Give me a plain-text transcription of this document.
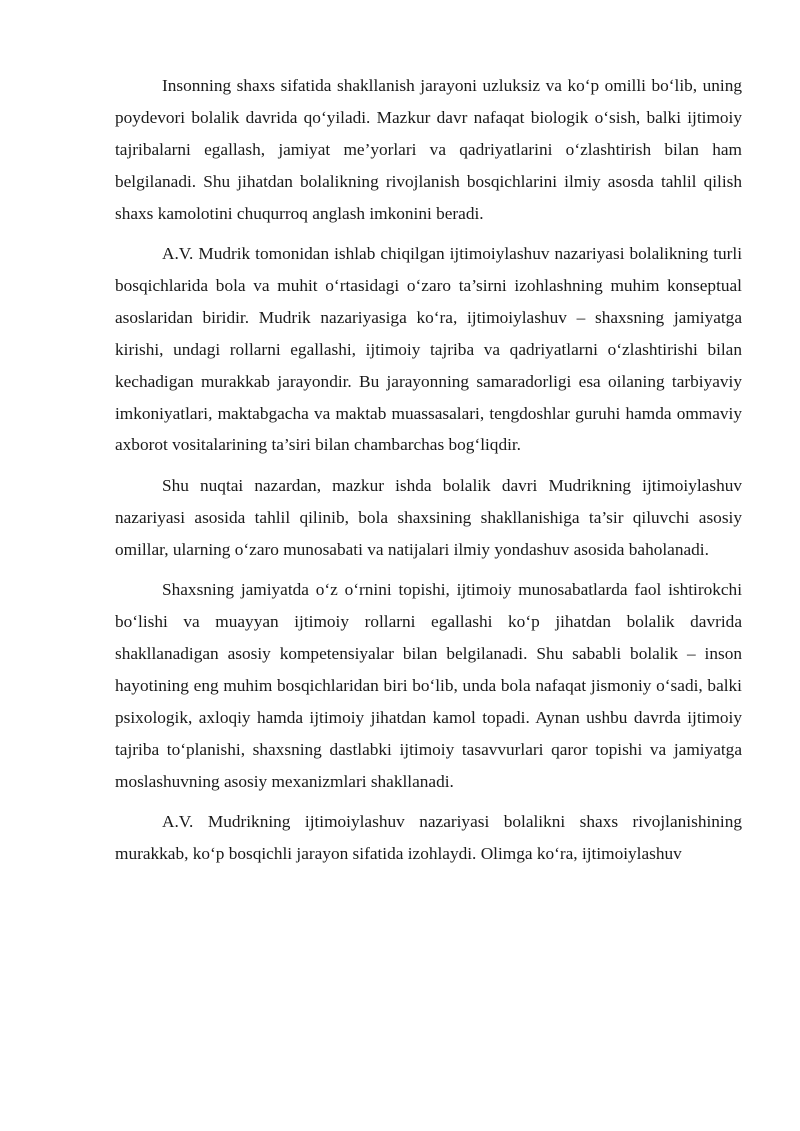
Insonning shaxs sifatida shakllanish jarayoni uzluksiz va ko‘p omilli bo‘lib, uning poydevori bolalik davrida qo‘yiladi. Mazkur davr nafaqat biologik o‘sish, balki ijtimoiy tajribalarni egallash, jamiyat me’yorlari va qadriyatlarini o‘zlashtirish bilan ham belgilanadi. Shu jihatdan bolalikning rivojlanish bosqichlarini ilmiy asosda tahlil qilish shaxs kamolotini chuqurroq anglash imkonini beradi.

A.V. Mudrik tomonidan ishlab chiqilgan ijtimoiylashuv nazariyasi bolalikning turli bosqichlarida bola va muhit o‘rtasidagi o‘zaro ta’sirni izohlashning muhim konseptual asoslaridan biridir. Mudrik nazariyasiga ko‘ra, ijtimoiylashuv – shaxsning jamiyatga kirishi, undagi rollarni egallashi, ijtimoiy tajriba va qadriyatlarni o‘zlashtirishi bilan kechadigan murakkab jarayondir. Bu jarayonning samaradorligi esa oilaning tarbiyaviy imkoniyatlari, maktabgacha va maktab muassasalari, tengdoshlar guruhi hamda ommaviy axborot vositalarining ta’siri bilan chambarchas bog‘liqdir.

Shu nuqtai nazardan, mazkur ishda bolalik davri Mudrikning ijtimoiylashuv nazariyasi asosida tahlil qilinib, bola shaxsining shakllanishiga ta’sir qiluvchi asosiy omillar, ularning o‘zaro munosabati va natijalari ilmiy yondashuv asosida baholanadi.

Shaxsning jamiyatda o‘z o‘rnini topishi, ijtimoiy munosabatlarda faol ishtirokchi bo‘lishi va muayyan ijtimoiy rollarni egallashi ko‘p jihatdan bolalik davrida shakllanadigan asosiy kompetensiyalar bilan belgilanadi. Shu sababli bolalik – inson hayotining eng muhim bosqichlaridan biri bo‘lib, unda bola nafaqat jismoniy o‘sadi, balki psixologik, axloqiy hamda ijtimoiy jihatdan kamol topadi. Aynan ushbu davrda ijtimoiy tajriba to‘planishi, shaxsning dastlabki ijtimoiy tasavvurlari qaror topishi va jamiyatga moslashuvning asosiy mexanizmlari shakllanadi.

A.V. Mudrikning ijtimoiylashuv nazariyasi bolalikni shaxs rivojlanishining murakkab, ko‘p bosqichli jarayon sifatida izohlaydi. Olimga ko‘ra, ijtimoiylashuv
